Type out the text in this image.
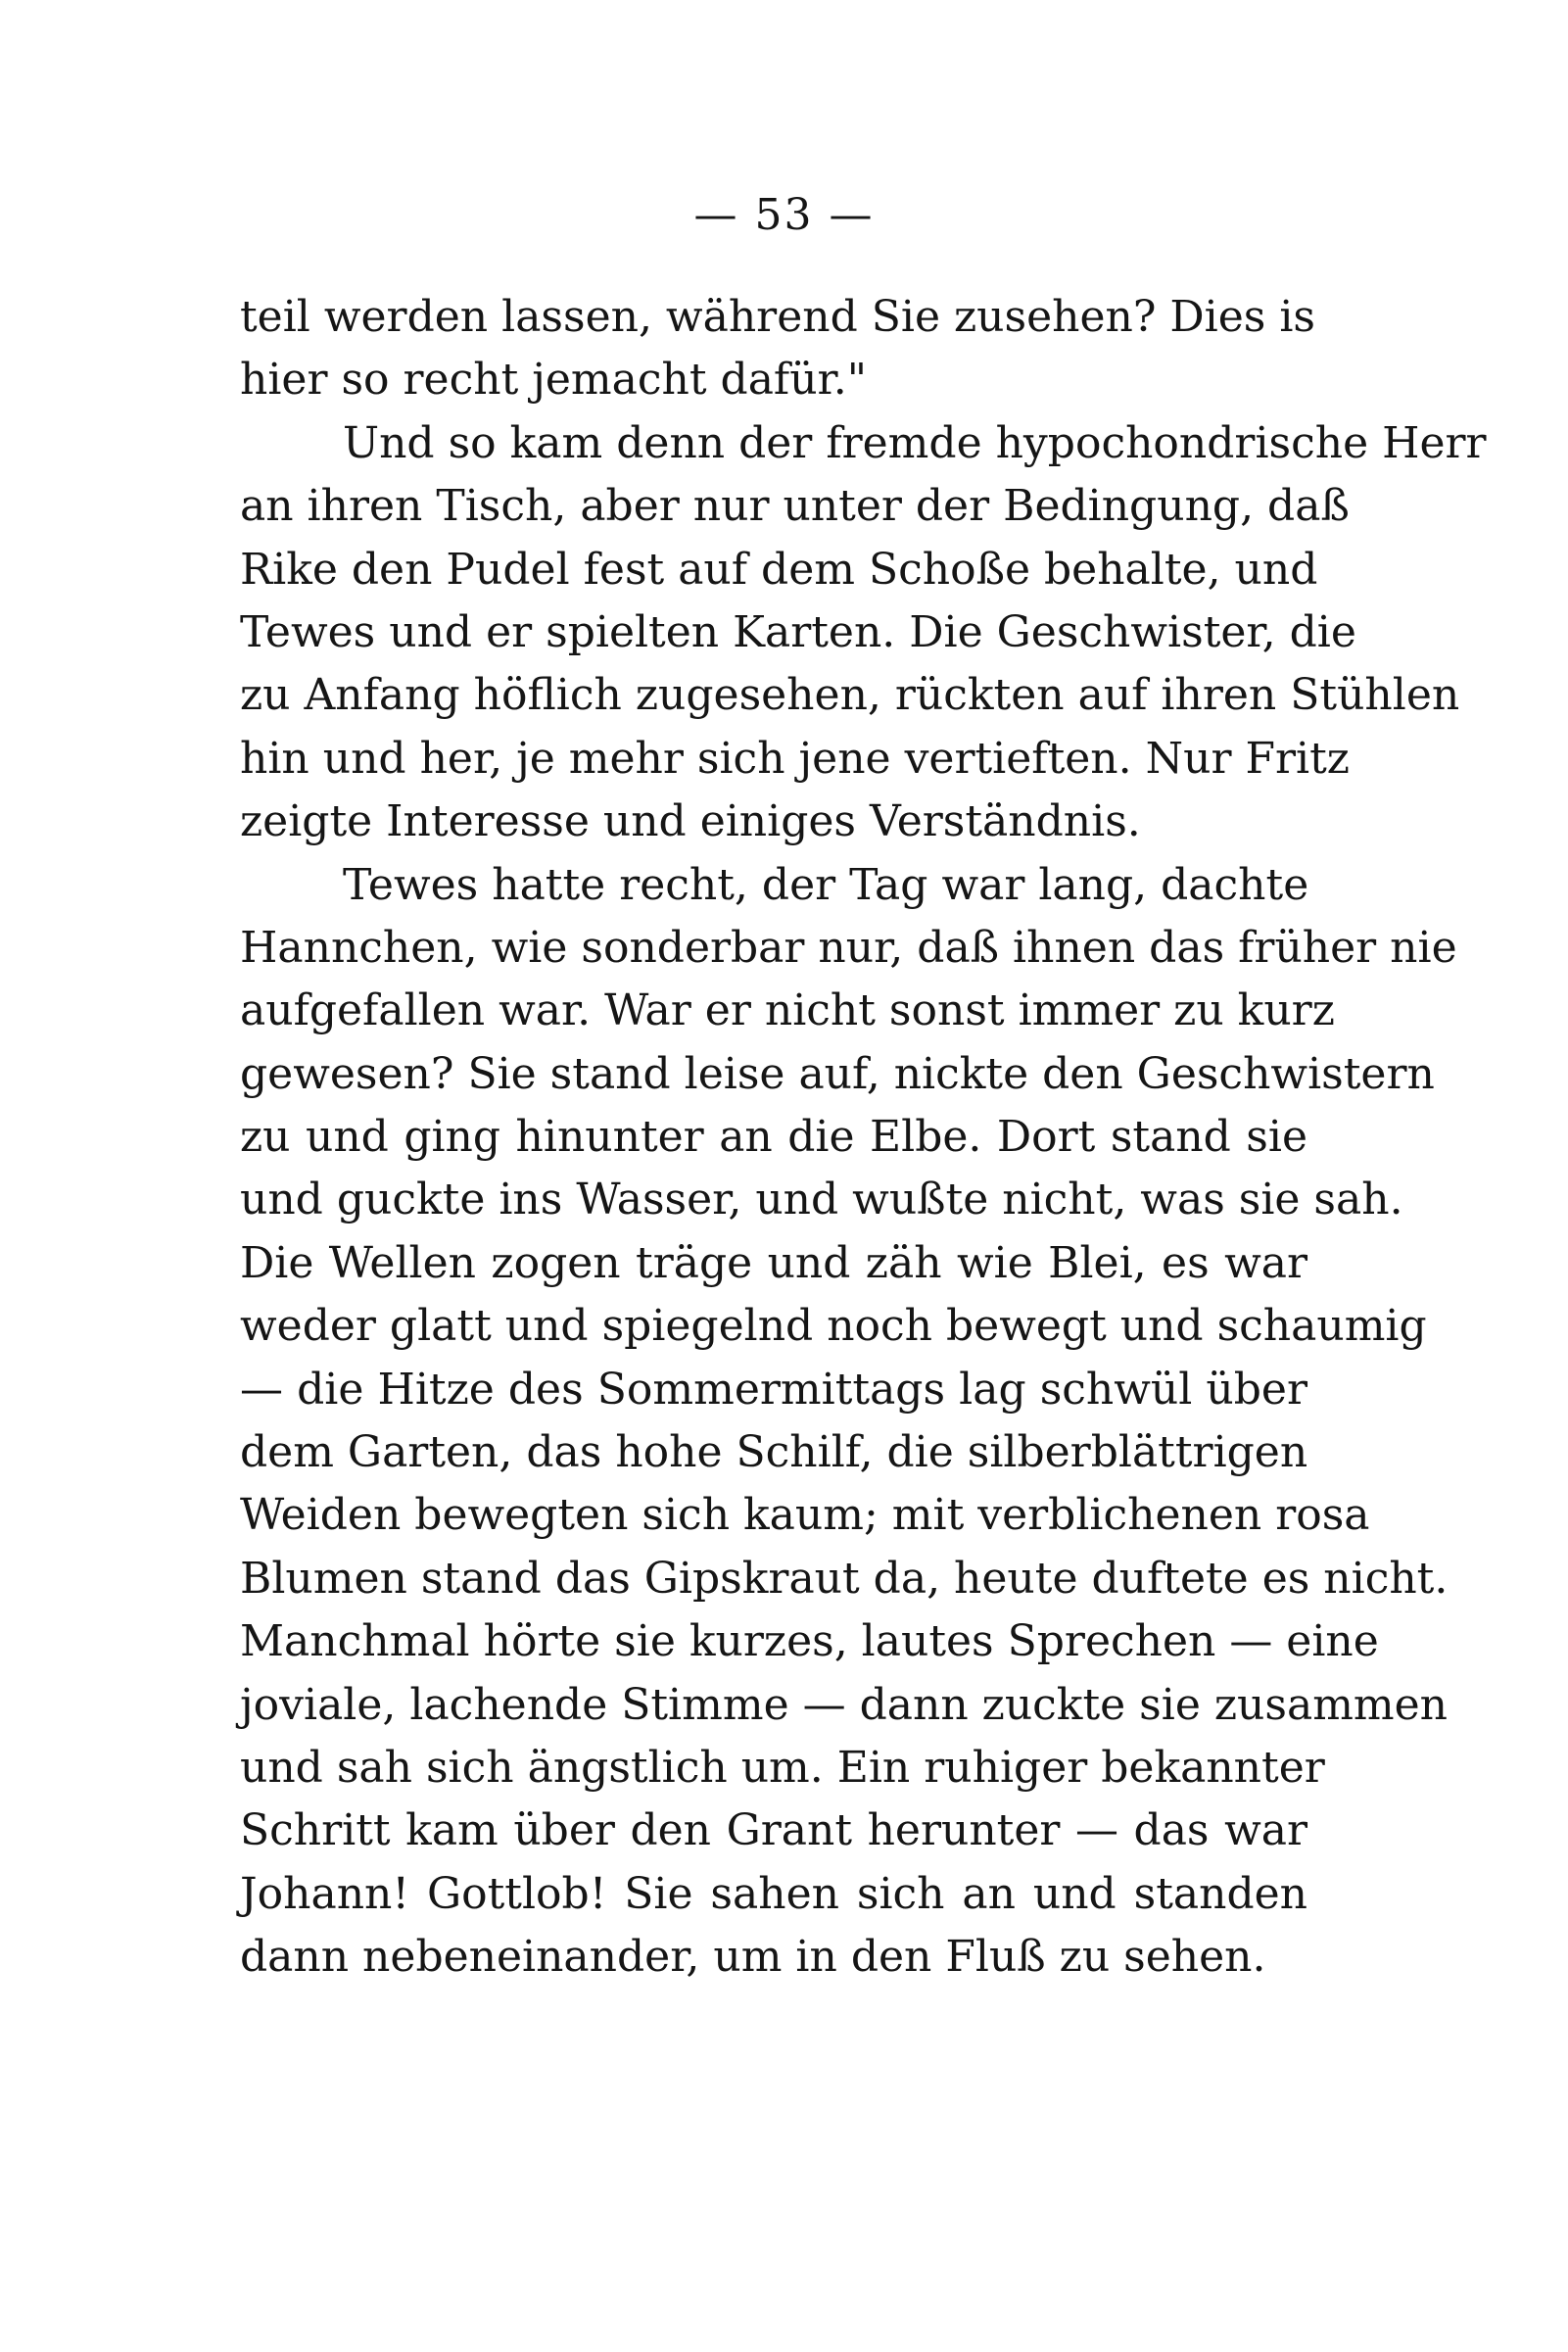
— 53 —
teil werden lassen, während Sie zusehen? Dies is
hier so recht jemacht dafür."
Und so kam denn der fremde hypochondrische Herr
an ihren Tisch, aber nur unter der Bedingung, daß
Rike den Pudel fest auf dem Schoße behalte, und
Tewes und er spielten Karten. Die Geschwister, die
zu Anfang höflich zugesehen, rückten auf ihren Stühlen
hin und her, je mehr sich jene vertieften. Nur Fritz
zeigte Interesse und einiges Verständnis.
Tewes hatte recht, der Tag war lang, dachte
Hannchen, wie sonderbar nur, daß ihnen das früher nie
aufgefallen war. War er nicht sonst immer zu kurz
gewesen? Sie stand leise auf, nickte den Geschwistern
zu und ging hinunter an die Elbe. Dort stand sie
und guckte ins Wasser, und wußte nicht, was sie sah.
Die Wellen zogen träge und zäh wie Blei, es war
weder glatt und spiegelnd noch bewegt und schaumig
— die Hitze des Sommermittags lag schwül über
dem Garten, das hohe Schilf, die silberblättrigen
Weiden bewegten sich kaum; mit verblichenen rosa
Blumen stand das Gipskraut da, heute duftete es nicht.
Manchmal hörte sie kurzes, lautes Sprechen — eine
joviale, lachende Stimme — dann zuckte sie zusammen
und sah sich ängstlich um. Ein ruhiger bekannter
Schritt kam über den Grant herunter — das war
Johann! Gottlob! Sie sahen sich an und standen
dann nebeneinander, um in den Fluß zu sehen.
